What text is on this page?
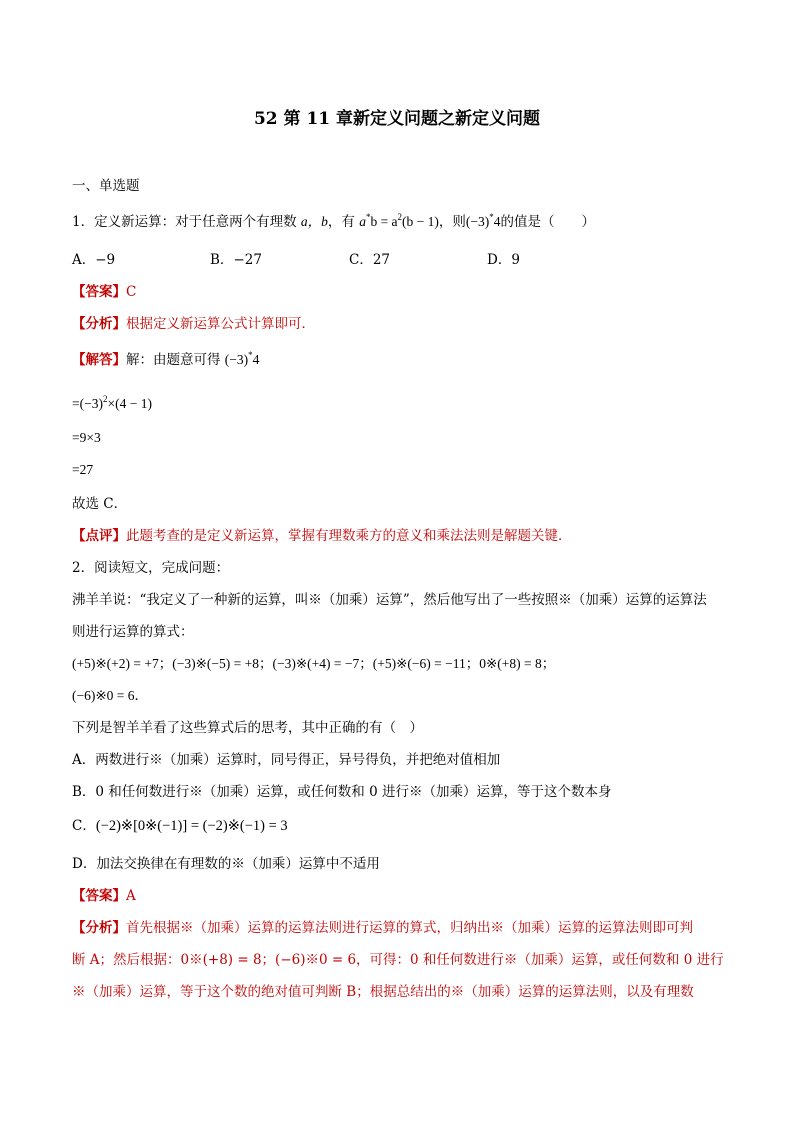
52 第 11 章新定义问题之新定义问题
一、单选题
1．定义新运算：对于任意两个有理数 a，b，有 $a^*b = a^2(b - 1)$，则(−3)*4的值是（　　）
A．−9	B．−27	C．27	D．9
【答案】C
【分析】根据定义新运算公式计算即可．
【解答】解：由题意可得 (−3)*4
$=(-3)^2\times(4 - 1)$
=9×3
=27
故选 C．
【点评】此题考查的是定义新运算，掌握有理数乘方的意义和乘法法则是解题关键．
2．阅读短文，完成问题：
沸羊羊说：“我定义了一种新的运算，叫※（加乘）运算”，然后他写出了一些按照※（加乘）运算的运算法
则进行运算的算式：
(+5)※(+2) = +7；(−3)※(−5) = +8；(−3)※(+4) = −7；(+5)※(−6) = −11；0※(+8) = 8；
(−6)※0 = 6．
下列是智羊羊看了这些算式后的思考，其中正确的有（　）
A．两数进行※（加乘）运算时，同号得正，异号得负，并把绝对值相加
B．0 和任何数进行※（加乘）运算，或任何数和 0 进行※（加乘）运算，等于这个数本身
C．(−2)※[0※(−1)] = (−2)※(−1) = 3
D．加法交换律在有理数的※（加乘）运算中不适用
【答案】A
【分析】首先根据※（加乘）运算的运算法则进行运算的算式，归纳出※（加乘）运算的运算法则即可判
断 A；然后根据：0※(+8) = 8；(−6)※0 = 6，可得：0 和任何数进行※（加乘）运算，或任何数和 0 进行
※（加乘）运算，等于这个数的绝对值可判断 B；根据总结出的※（加乘）运算的运算法则，以及有理数
